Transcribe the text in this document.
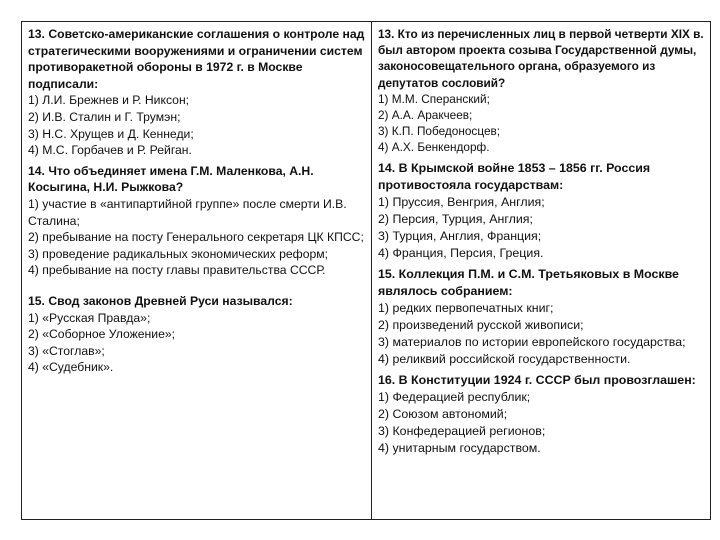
13. Советско-американские соглашения о контроле над стратегическими вооружениями и ограничении систем противоракетной обороны в 1972 г. в Москве подписали:
1) Л.И. Брежнев и Р. Никсон;
2) И.В. Сталин и Г. Трумэн;
3) Н.С. Хрущев и Д. Кеннеди;
4) М.С. Горбачев и Р. Рейган.
14. Что объединяет имена Г.М. Маленкова, А.Н. Косыгина, Н.И. Рыжкова?
1) участие в «антипартийной группе» после смерти И.В. Сталина;
2) пребывание на посту Генерального секретаря ЦК КПСС;
3) проведение радикальных экономических реформ;
4) пребывание на посту главы правительства СССР.
15. Свод законов Древней Руси назывался:
1) «Русская Правда»;
2) «Соборное Уложение»;
3) «Стоглав»;
4) «Судебник».
13. Кто из перечисленных лиц в первой четверти XIX в. был автором проекта созыва Государственной думы, законосовещательного органа, образуемого из депутатов сословий?
1) М.М. Сперанский;
2) А.А. Аракчеев;
3) К.П. Победоносцев;
4) А.Х. Бенкендорф.
14. В Крымской войне 1853 – 1856 гг. Россия противостояла государствам:
1) Пруссия, Венгрия, Англия;
2) Персия, Турция, Англия;
3) Турция, Англия, Франция;
4) Франция, Персия, Греция.
15. Коллекция П.М. и С.М. Третьяковых в Москве являлось собранием:
1) редких первопечатных книг;
2) произведений русской живописи;
3) материалов по истории европейского государства;
4) реликвий российской государственности.
16. В Конституции 1924 г. СССР был провозглашен:
1) Федерацией республик;
2) Союзом автономий;
3) Конфедерацией регионов;
4) унитарным государством.
